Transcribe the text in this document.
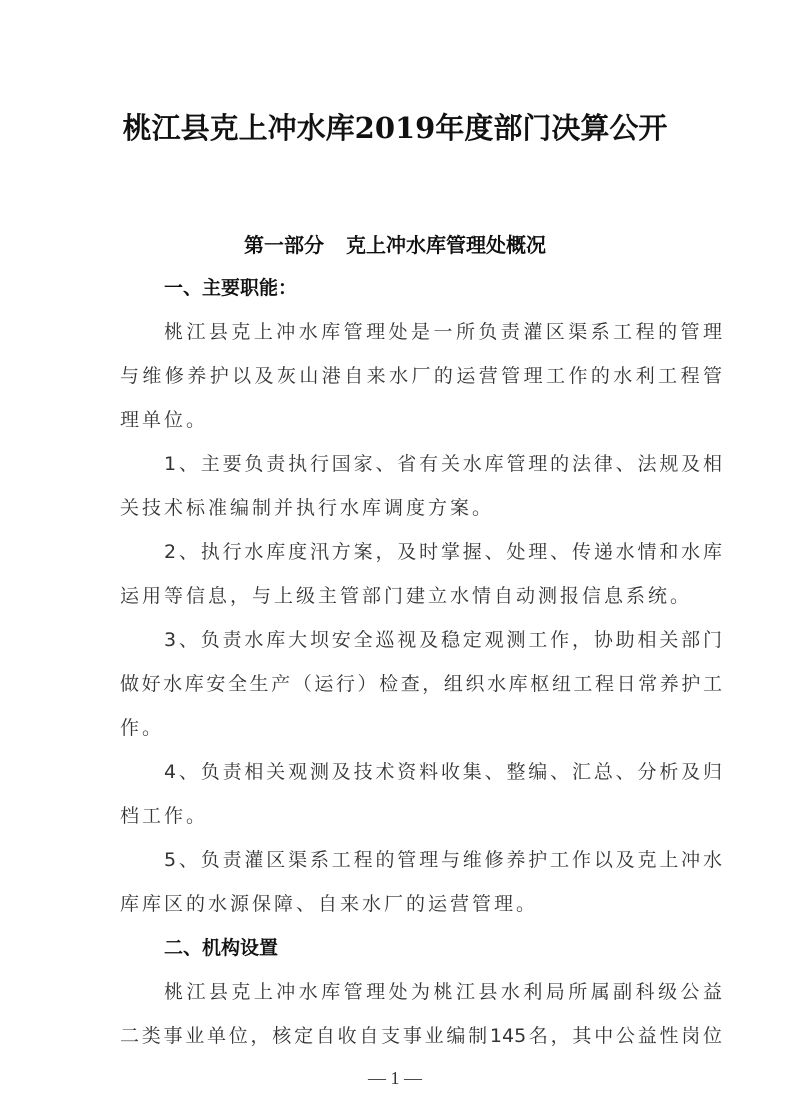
桃江县克上冲水库2019年度部门决算公开
第一部分 克上冲水库管理处概况
一、主要职能：
桃江县克上冲水库管理处是一所负责灌区渠系工程的管理
与维修养护以及灰山港自来水厂的运营管理工作的水利工程管
理单位。
1、主要负责执行国家、省有关水库管理的法律、法规及相
关技术标准编制并执行水库调度方案。
2、执行水库度汛方案，及时掌握、处理、传递水情和水库
运用等信息，与上级主管部门建立水情自动测报信息系统。
3、负责水库大坝安全巡视及稳定观测工作，协助相关部门
做好水库安全生产（运行）检查，组织水库枢纽工程日常养护工
作。
4、负责相关观测及技术资料收集、整编、汇总、分析及归
档工作。
5、负责灌区渠系工程的管理与维修养护工作以及克上冲水
库库区的水源保障、自来水厂的运营管理。
二、机构设置
桃江县克上冲水库管理处为桃江县水利局所属副科级公益
二类事业单位，核定自收自支事业编制145名，其中公益性岗位
— 1 —
